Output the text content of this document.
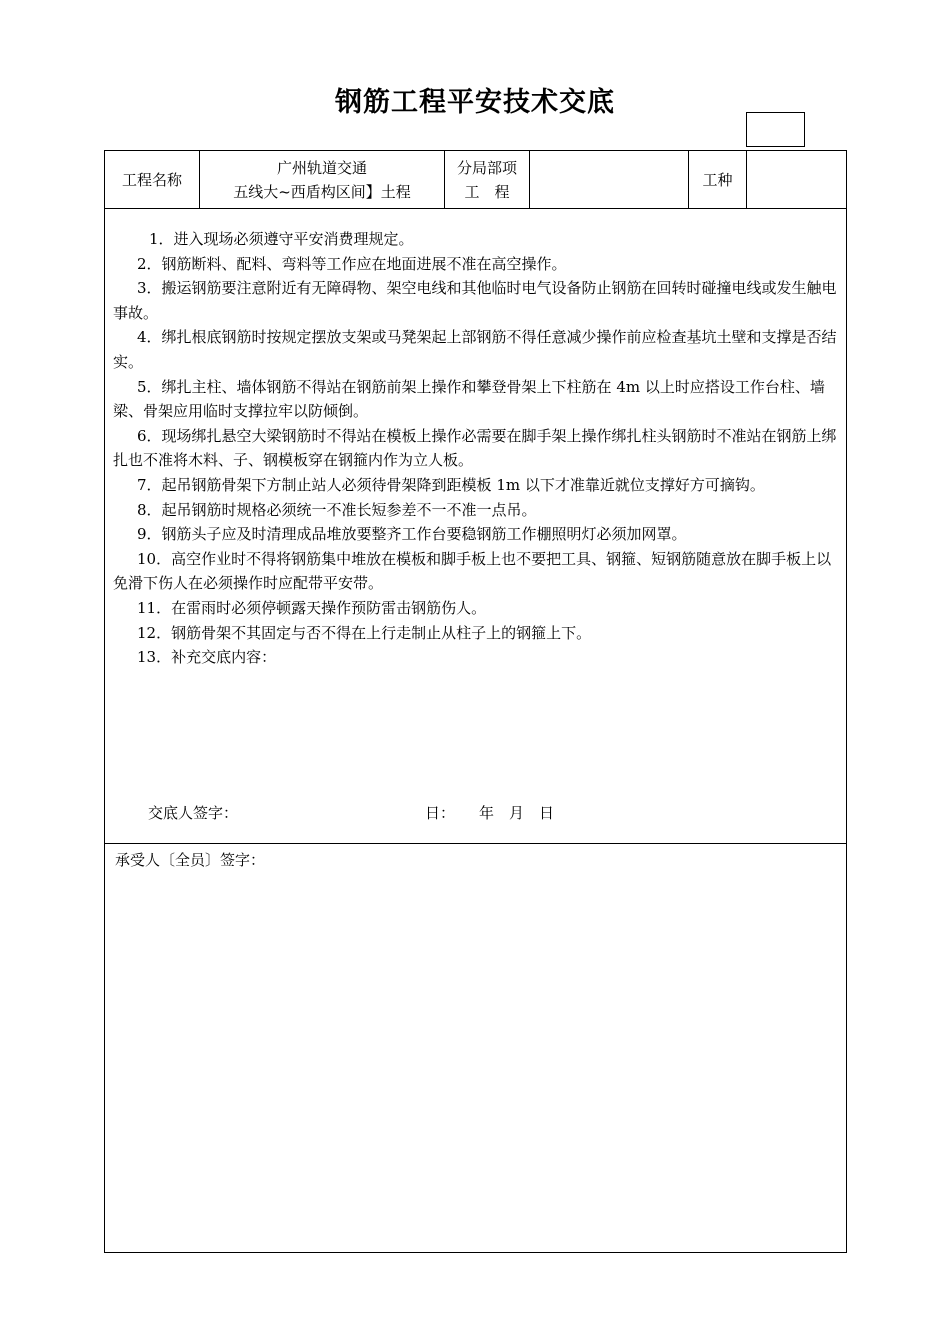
钢筋工程平安技术交底
工程名称
广州轨道交通
五线大~西盾构区间】土程
分局部项
工　程
工种

1．进入现场必须遵守平安消费理规定。

2．钢筋断料、配料、弯料等工作应在地面进展不准在高空操作。

3．搬运钢筋要注意附近有无障碍物、架空电线和其他临时电气设备防止钢筋在回转时碰撞电线或发生触电事故。

4．绑扎根底钢筋时按规定摆放支架或马凳架起上部钢筋不得任意减少操作前应检查基坑土壁和支撑是否结实。

5．绑扎主柱、墙体钢筋不得站在钢筋前架上操作和攀登骨架上下柱筋在 4m 以上时应搭设工作台柱、墙梁、骨架应用临时支撑拉牢以防倾倒。

6．现场绑扎悬空大梁钢筋时不得站在模板上操作必需要在脚手架上操作绑扎柱头钢筋时不准站在钢筋上绑扎也不准将木料、子、钢模板穿在钢箍内作为立人板。

7．起吊钢筋骨架下方制止站人必须待骨架降到距模板 1m 以下才准靠近就位支撑好方可摘钩。

8．起吊钢筋时规格必须统一不准长短参差不一不准一点吊。

9．钢筋头子应及时清理成品堆放要整齐工作台要稳钢筋工作棚照明灯必须加网罩。

10．高空作业时不得将钢筋集中堆放在模板和脚手板上也不要把工具、钢箍、短钢筋随意放在脚手板上以免滑下伤人在必须操作时应配带平安带。

11．在雷雨时必须停顿露天操作预防雷击钢筋伤人。

12．钢筋骨架不其固定与否不得在上行走制止从柱子上的钢箍上下。

13．补充交底内容：

交底人签字：	日： 年　月　日
承受人〔全员〕签字：
